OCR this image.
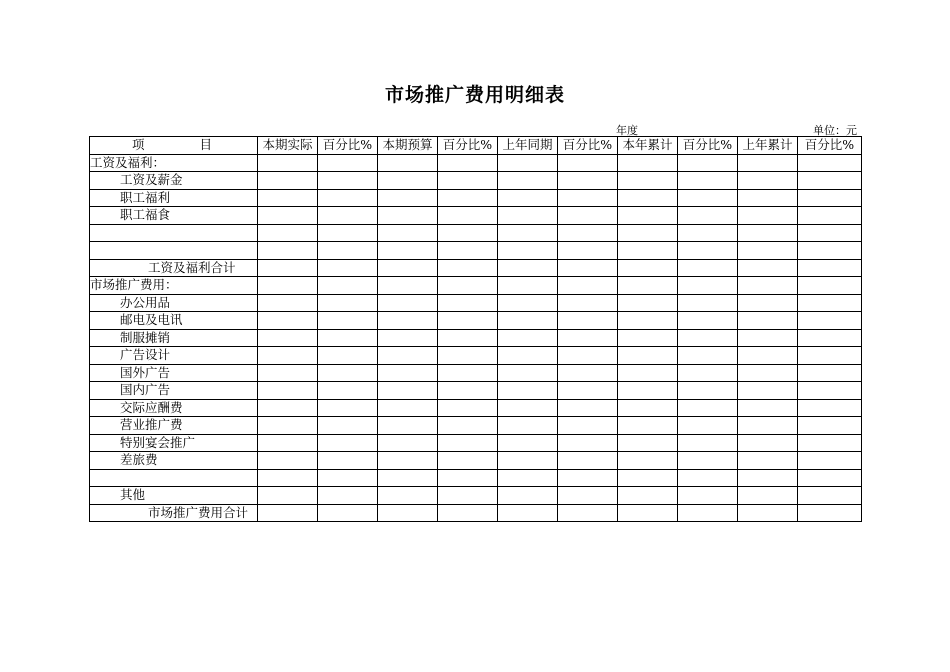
市场推广费用明细表
年度	单位：元
项 目	本期实际	百分比%	本期预算	百分比%	上年同期	百分比%	本年累计	百分比%	上年累计	百分比%
工资及福利：										
工资及薪金										
职工福利										
职工福食										

工资及福利合计										
市场推广费用：										
办公用品										
邮电及电讯										
制服摊销										
广告设计										
国外广告										
国内广告										
交际应酬费										
营业推广费										
特别宴会推广										
差旅费										

其他										
市场推广费用合计										
